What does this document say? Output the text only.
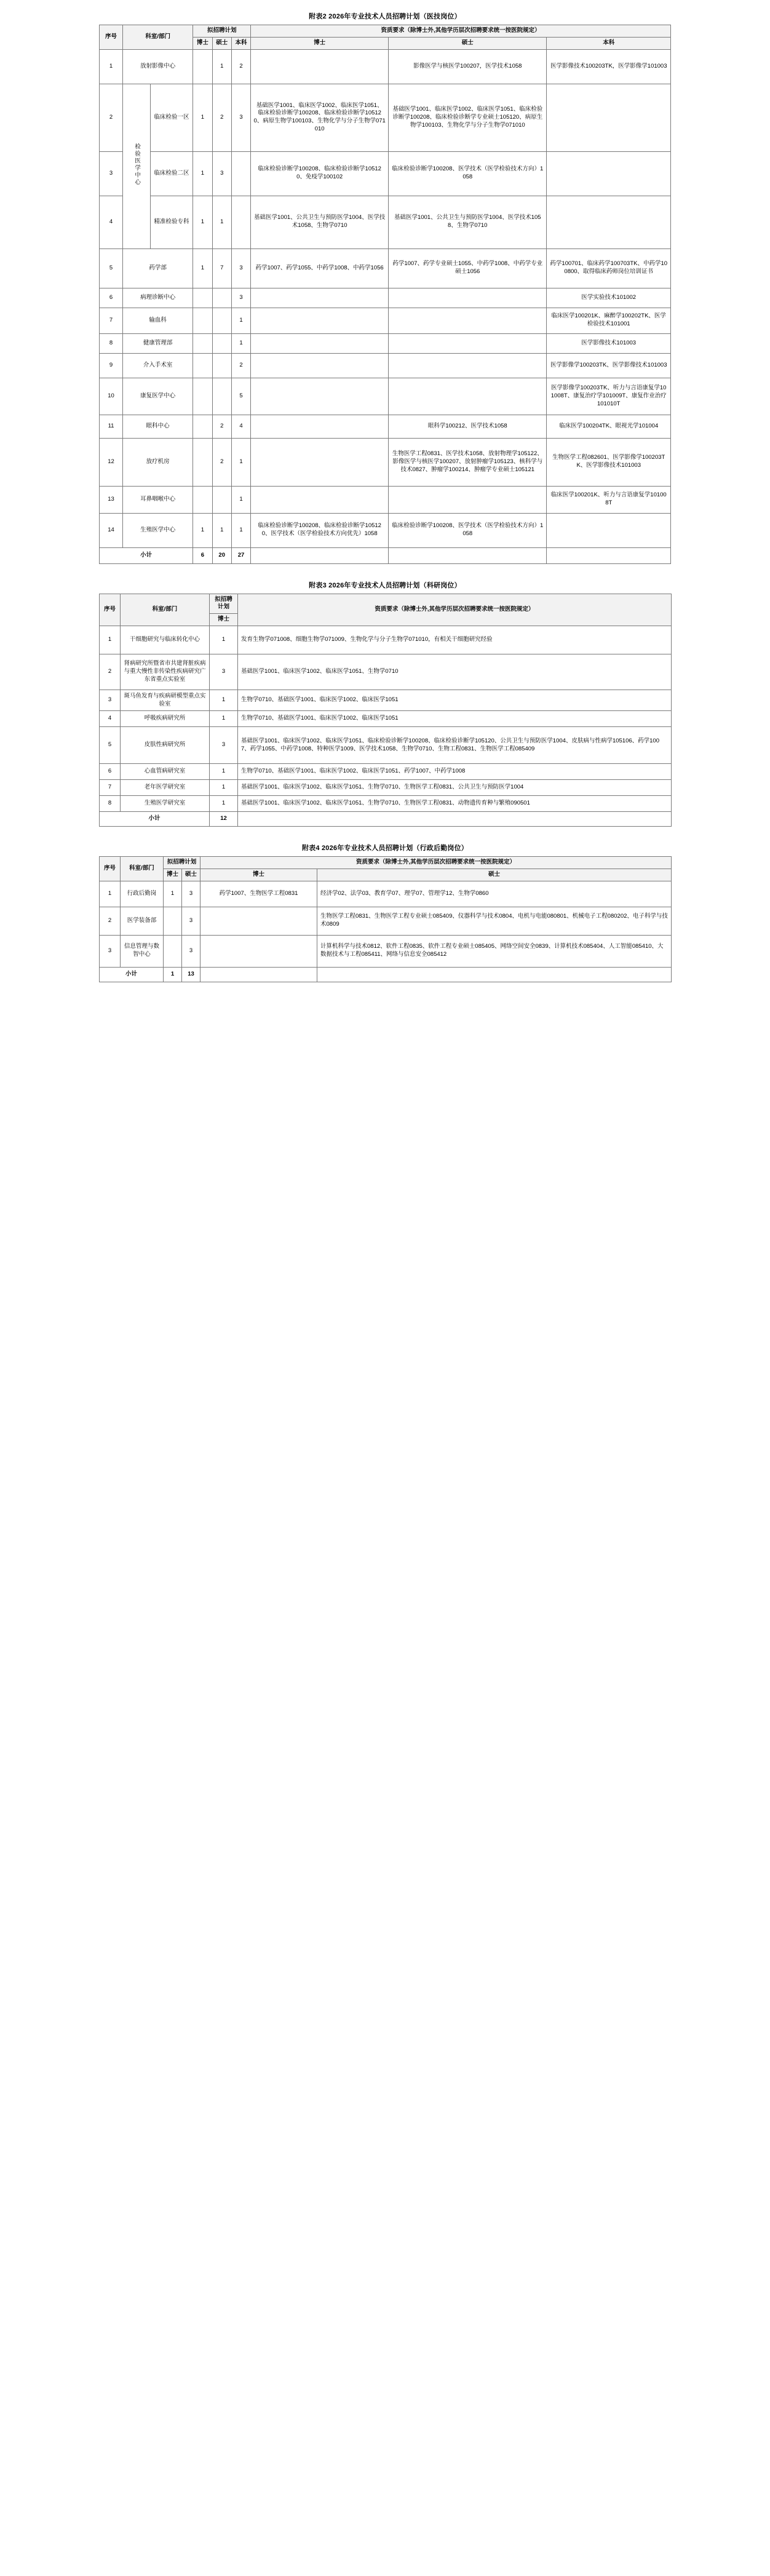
附表2 2026年专业技术人员招聘计划（医技岗位）
序号	科室/部门		拟招聘计划			资质要求（除博士外,其他学历层次招聘要求统一按医院规定）		
			博士	硕士	本科	博士	硕士	本科
1	放射影像中心			1	2		影像医学与核医学100207，医学技术1058	医学影像技术100203TK，医学影像学101003
2	检验医学中心	临床检验一区	1	2	3	基础医学1001、临床医学1002、临床医学1051、临床检验诊断学100208、临床检验诊断学105120、病原生物学100103、生物化学与分子生物学071010	基础医学1001、临床医学1002、临床医学1051、临床检验诊断学100208、临床检验诊断学专业硕士105120、病原生物学100103、生物化学与分子生物学071010	
3		临床检验二区	1	3		临床检验诊断学100208、临床检验诊断学105120、免疫学100102	临床检验诊断学100208、医学技术（医学检验技术方向）1058	
4		精准检验专科	1	1		基础医学1001、公共卫生与预防医学1004、医学技术1058、生物学0710	基础医学1001、公共卫生与预防医学1004、医学技术1058、生物学0710	
5	药学部		1	7	3	药学1007、药学1055、中药学1008、中药学1056	药学1007、药学专业硕士1055、中药学1008、中药学专业硕士1056	药学100701、临床药学100703TK、中药学100800、取得临床药师岗位培训证书
6	病理诊断中心				3			医学实验技术101002
7	输血科				1			临床医学100201K、麻醉学100202TK、医学检验技术101001
8	健康管理部				1			医学影像技术101003
9	介入手术室				2			医学影像学100203TK、医学影像技术101003
10	康复医学中心				5			医学影像学100203TK、听力与言语康复学101008T、康复治疗学101009T、康复作业治疗101010T
11	眼科中心			2	4		眼科学100212、医学技术1058	临床医学100204TK、眼视光学101004
12	放疗机房			2	1		生物医学工程0831、医学技术1058、放射物理学105122、影像医学与核医学100207、放射肿瘤学105123、核科学与技术0827、肿瘤学100214、肿瘤学专业硕士105121	生物医学工程082601、医学影像学100203TK、医学影像技术101003
13	耳鼻咽喉中心				1			临床医学100201K、听力与言语康复学101008T
14	生殖医学中心		1	1	1	临床检验诊断学100208、临床检验诊断学105120、医学技术（医学检验技术方向优先）1058	临床检验诊断学100208、医学技术（医学检验技术方向）1058	
小计			6	20	27			
附表3 2026年专业技术人员招聘计划（科研岗位）
序号	科室/部门	拟招聘计划	资质要求（除博士外,其他学历层次招聘要求统一按医院规定）
		博士	
1	干细胞研究与临床转化中心	1	发育生物学071008、细胞生物学071009、生物化学与分子生物学071010，有相关干细胞研究经验
2	肾病研究所暨省市共建肾脏疾病与重大慢性非传染性疾病研究广东省重点实验室	3	基础医学1001、临床医学1002、临床医学1051、生物学0710
3	斑马鱼发育与疾病研模型重点实验室	1	生物学0710、基础医学1001、临床医学1002、临床医学1051
4	呼吸疾病研究所	1	生物学0710、基础医学1001、临床医学1002、临床医学1051
5	皮肤性病研究所	3	基础医学1001、临床医学1002、临床医学1051、临床检验诊断学100208、临床检验诊断学105120、公共卫生与预防医学1004、皮肤病与性病学105106、药学1007、药学1055、中药学1008、特种医学1009、医学技术1058、生物学0710、生物工程0831、生物医学工程085409
6	心血管病研究室	1	生物学0710、基础医学1001、临床医学1002、临床医学1051、药学1007、中药学1008
7	老年医学研究室	1	基础医学1001、临床医学1002、临床医学1051、生物学0710、生物医学工程0831、公共卫生与预防医学1004
8	生殖医学研究室	1	基础医学1001、临床医学1002、临床医学1051、生物学0710、生物医学工程0831、动物遗传育种与繁殖090501
小计		12	
附表4 2026年专业技术人员招聘计划（行政后勤岗位）
序号	科室/部门	拟招聘计划		资质要求（除博士外,其他学历层次招聘要求统一按医院规定）	
		博士	硕士	博士	硕士
1	行政后勤岗	1	3	药学1007、生物医学工程0831	经济学02、法学03、教育学07、理学07、管理学12、生物学0860
2	医学装备部		3		生物医学工程0831、生物医学工程专业硕士085409、仪器科学与技术0804、电机与电能080801、机械电子工程080202、电子科学与技术0809
3	信息管理与数智中心		3		计算机科学与技术0812、软件工程0835、软件工程专业硕士085405、网络空间安全0839、计算机技术085404、人工智能085410、大数据技术与工程085411、网络与信息安全085412
小计		1	13		
